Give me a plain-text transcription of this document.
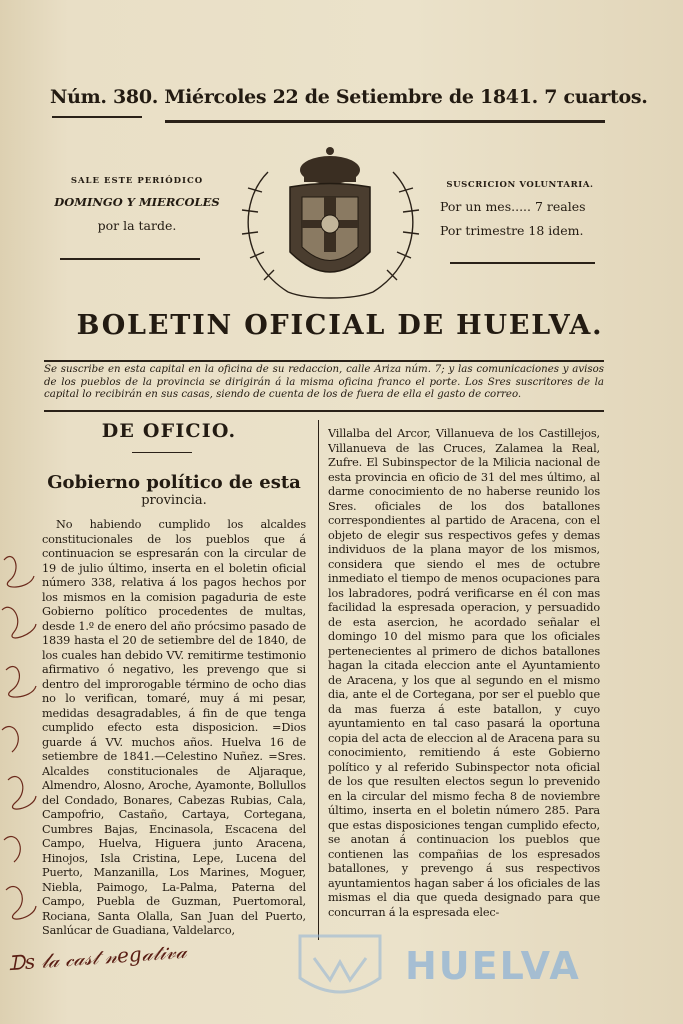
Núm. 380. Miércoles 22 de Setiembre de 1841. 7 cuartos.
SALE ESTE PERIÓDICO
DOMINGO Y MIERCOLES
por la tarde.
SUSCRICION VOLUNTARIA.
Por un mes..... 7 reales
Por trimestre 18 idem.
BOLETIN OFICIAL DE HUELVA.
Se suscribe en esta capital en la oficina de su redaccion, calle Ariza núm. 7; y las comunicaciones y avisos de los pueblos de la provincia se dirigirán á la misma oficina franco el porte. Los Sres suscritores de la capital lo recibirán en sus casas, siendo de cuenta de los de fuera de ella el gasto de correo.
DE OFICIO.
Gobierno político de esta
provincia.
No habiendo cumplido los alcaldes constitucionales de los pueblos que á continuacion se espresarán con la circular de 19 de julio último, inserta en el boletin oficial número 338, relativa á los pagos hechos por los mismos en la comision pagaduria de este Gobierno político procedentes de multas, desde 1.º de enero del año prócsimo pasado de 1839 hasta el 20 de setiembre del de 1840, de los cuales han debido VV. remitirme testimonio afirmativo ó negativo, les prevengo que si dentro del improrogable término de ocho dias no lo verifican, tomaré, muy á mi pesar, medidas desagradables, á fin de que tenga cumplido efecto esta disposicion. =Dios guarde á VV. muchos años. Huelva 16 de setiembre de 1841.—Celestino Nuñez. =Sres. Alcaldes constitucionales de Aljaraque, Almendro, Alosno, Aroche, Ayamonte, Bollullos del Condado, Bonares, Cabezas Rubias, Cala, Campofrio, Castaño, Cartaya, Cortegana, Cumbres Bajas, Encinasola, Escacena del Campo, Huelva, Higuera junto Aracena, Hinojos, Isla Cristina, Lepe, Lucena del Puerto, Manzanilla, Los Marines, Moguer, Niebla, Paimogo, La-Palma, Paterna del Campo, Puebla de Guzman, Puertomoral, Rociana, Santa Olalla, San Juan del Puerto, Sanlúcar de Guadiana, Valdelarco,
Villalba del Arcor, Villanueva de los Castillejos, Villanueva de las Cruces, Zalamea la Real, Zufre. El Subinspector de la Milicia nacional de esta provincia en oficio de 31 del mes último, al darme conocimiento de no haberse reunido los Sres. oficiales de los dos batallones correspondientes al partido de Aracena, con el objeto de elegir sus respectivos gefes y demas individuos de la plana mayor de los mismos, considera que siendo el mes de octubre inmediato el tiempo de menos ocupaciones para los labradores, podrá verificarse en él con mas facilidad la espresada operacion, y persuadido de esta asercion, he acordado señalar el domingo 10 del mismo para que los oficiales pertenecientes al primero de dichos batallones hagan la citada eleccion ante el Ayuntamiento de Aracena, y los que al segundo en el mismo dia, ante el de Cortegana, por ser el pueblo que da mas fuerza á este batallon, y cuyo ayuntamiento en tal caso pasará la oportuna copia del acta de eleccion al de Aracena para su conocimiento, remitiendo á este Gobierno político y al referido Subinspector nota oficial de los que resulten electos segun lo prevenido en la circular del mismo fecha 8 de noviembre último, inserta en el boletin número 285. Para que estas disposiciones tengan cumplido efecto, se anotan á continuacion los pueblos que contienen las compañias de los espresados batallones, y prevengo á sus respectivos ayuntamientos hagan saber á los oficiales de las mismas el dia que queda designado para que concurran á la espresada elec-
ᗪs 𝓁𝒶 𝒸𝒶𝓈𝓉 𝓃𝑒𝑔𝒶𝓉𝒾𝓋𝒶	HUELVA
